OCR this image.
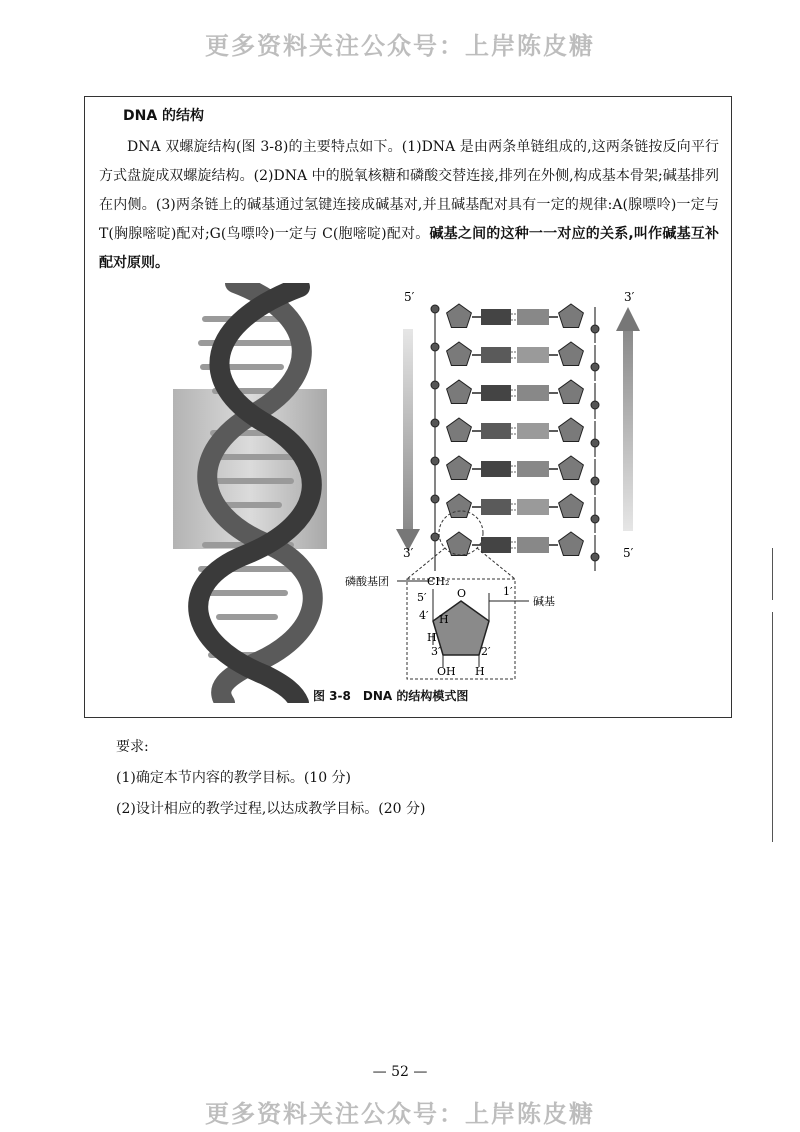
更多资料关注公众号：上岸陈皮糖
DNA 的结构
DNA 双螺旋结构(图 3-8)的主要特点如下。(1)DNA 是由两条单链组成的,这两条链按反向平行方式盘旋成双螺旋结构。(2)DNA 中的脱氧核糖和磷酸交替连接,排列在外侧,构成基本骨架;碱基排列在内侧。(3)两条链上的碱基通过氢键连接成碱基对,并且碱基配对具有一定的规律:A(腺嘌呤)一定与 T(胸腺嘧啶)配对;G(鸟嘌呤)一定与 C(胞嘧啶)配对。碱基之间的这种一一对应的关系,叫作碱基互补配对原则。
5′	3′
3′	5′
磷酸基团	CH₂
5′	O	1′
碱基
4′ H
H
3′	2′
OH H
图 3-8　DNA 的结构模式图
要求:
(1)确定本节内容的教学目标。(10 分)
(2)设计相应的教学过程,以达成教学目标。(20 分)
— 52 —
更多资料关注公众号：上岸陈皮糖
